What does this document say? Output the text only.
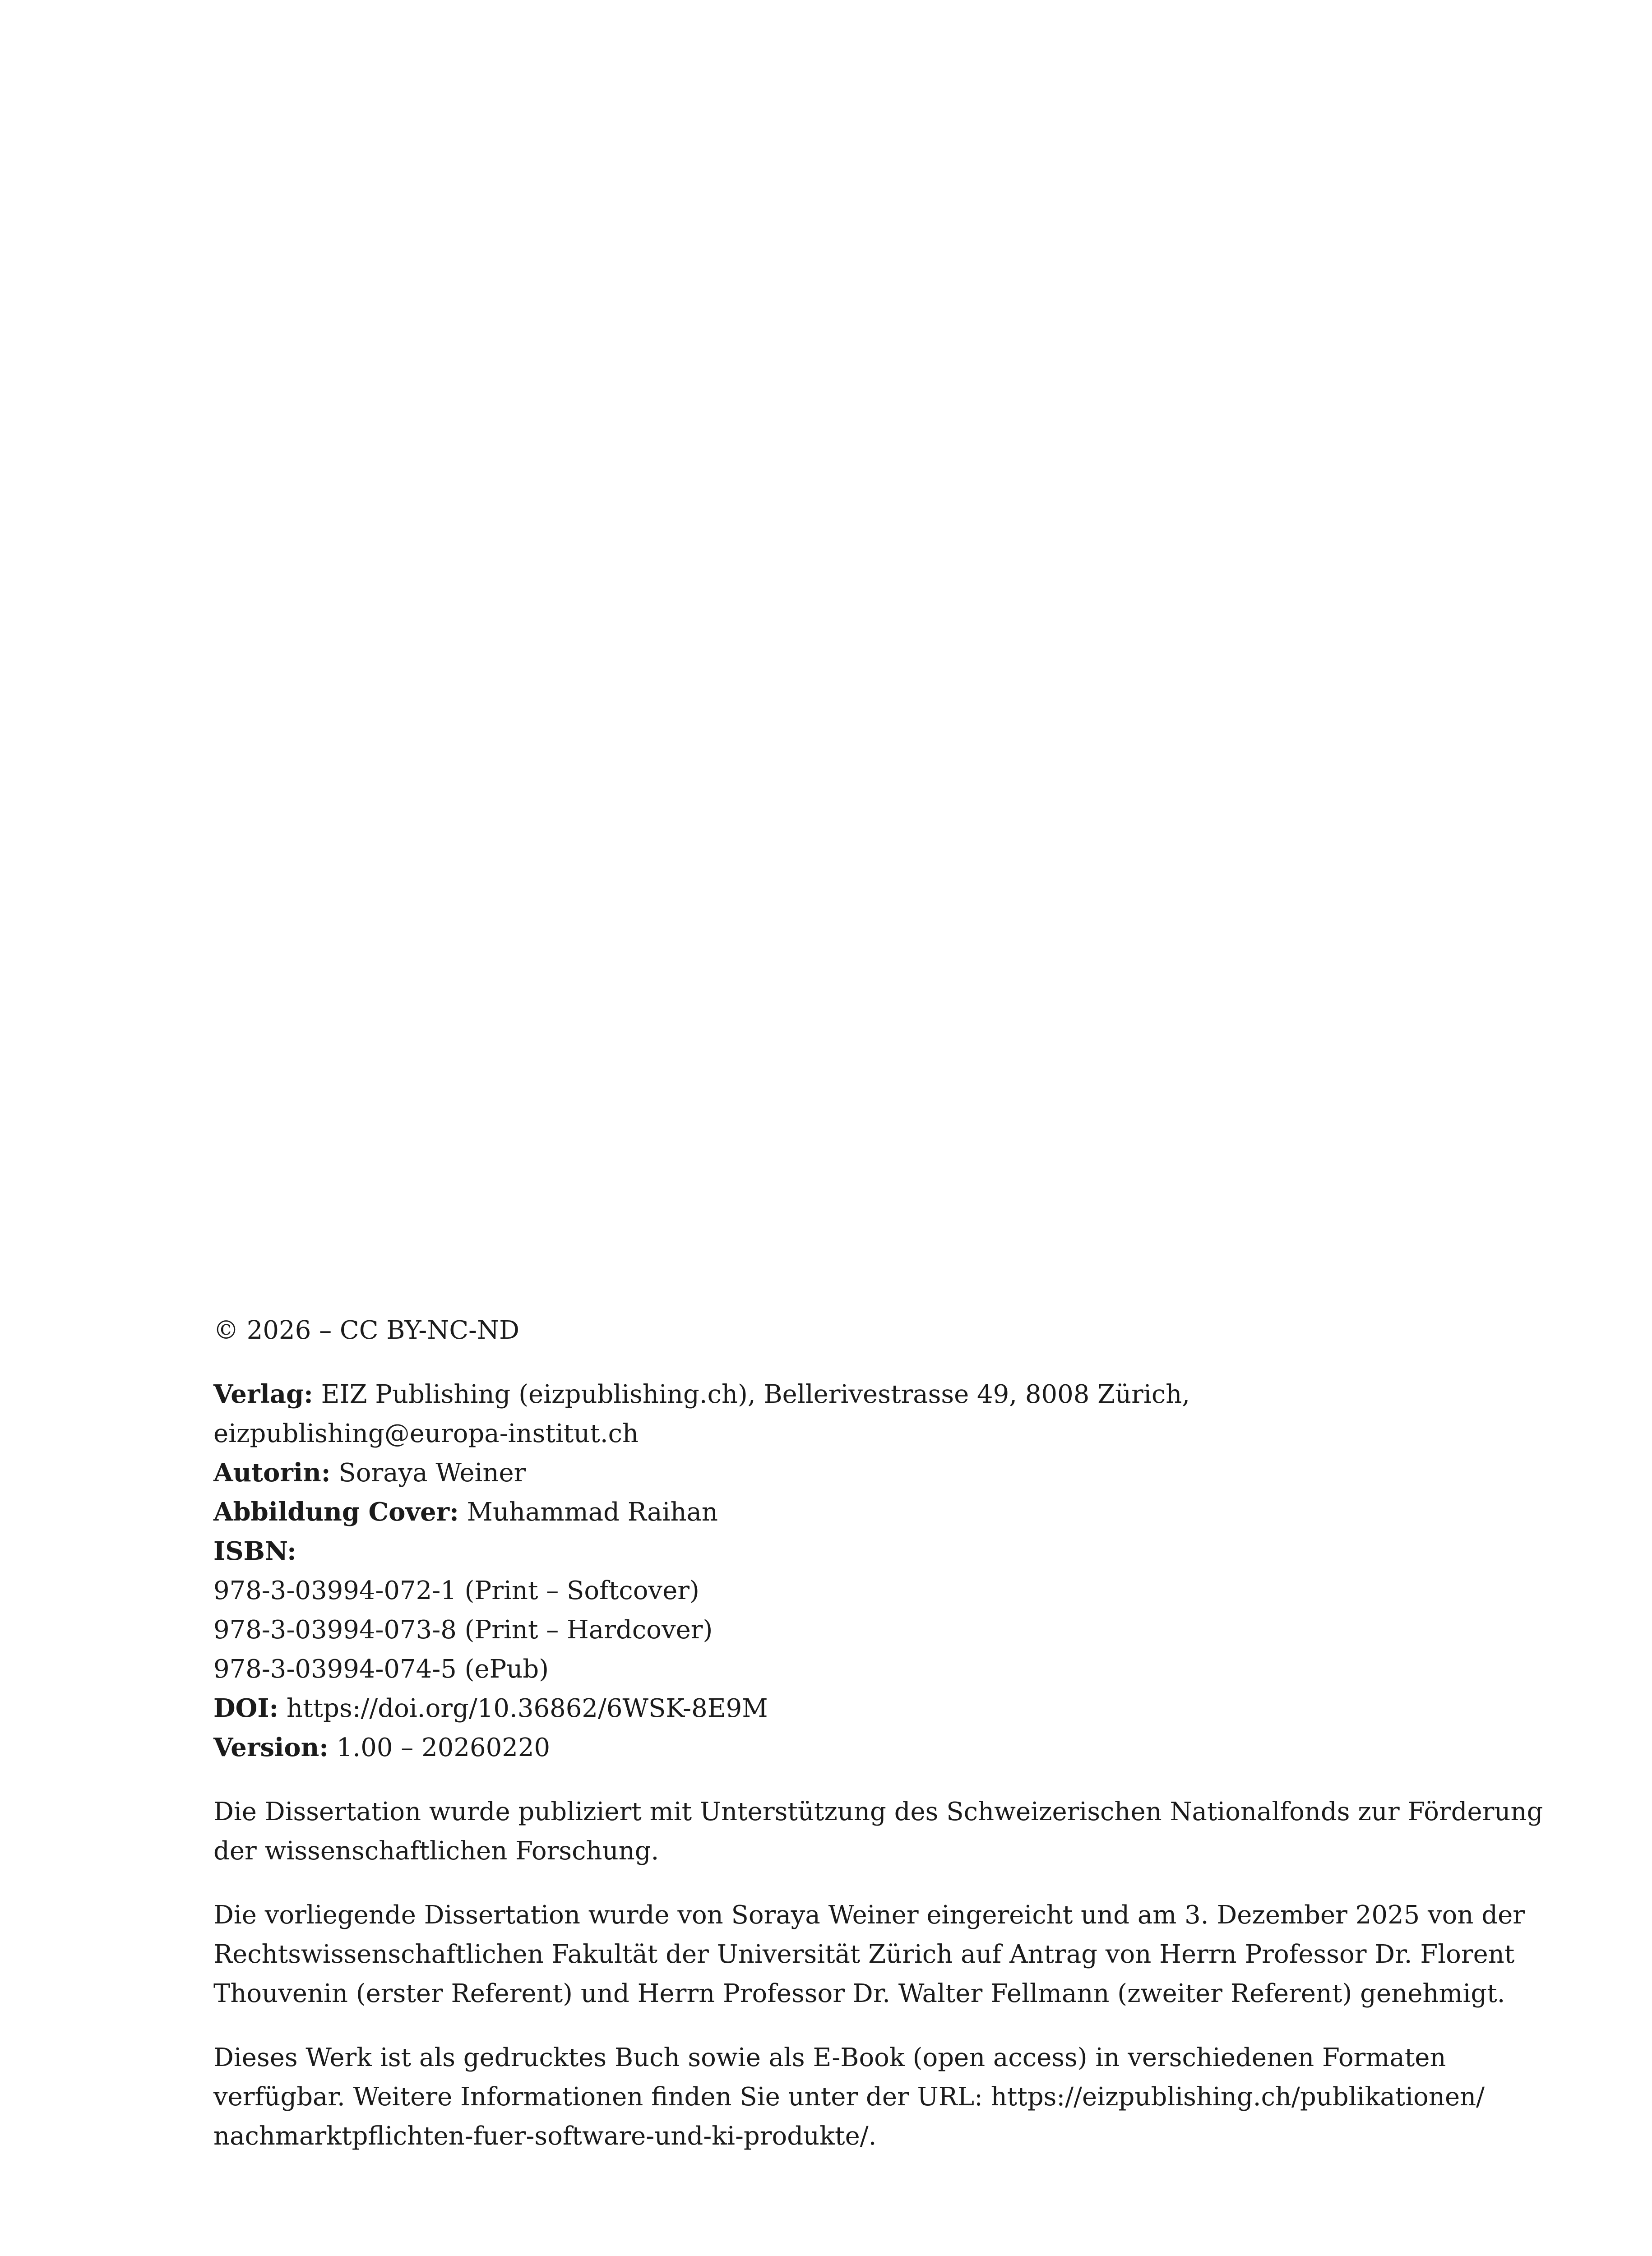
© 2026 – CC BY-NC-ND

Verlag: EIZ Publishing (eizpublishing.ch), Bellerivestrasse 49, 8008 Zürich,

eizpublishing@europa-institut.ch

Autorin: Soraya Weiner

Abbildung Cover: Muhammad Raihan

ISBN:

978-3-03994-072-1 (Print – Softcover)

978-3-03994-073-8 (Print – Hardcover)

978-3-03994-074-5 (ePub)

DOI: https://doi.org/10.36862/6WSK-8E9M

Version: 1.00 – 20260220

Die Dissertation wurde publiziert mit Unterstützung des Schweizerischen Nationalfonds zur Förderung

der wissenschaftlichen Forschung.

Die vorliegende Dissertation wurde von Soraya Weiner eingereicht und am 3. Dezember 2025 von der

Rechtswissenschaftlichen Fakultät der Universität Zürich auf Antrag von Herrn Professor Dr. Florent

Thouvenin (erster Referent) und Herrn Professor Dr. Walter Fellmann (zweiter Referent) genehmigt.

Dieses Werk ist als gedrucktes Buch sowie als E-Book (open access) in verschiedenen Formaten

verfügbar. Weitere Informationen finden Sie unter der URL: https://eizpublishing.ch/publikationen/

nachmarktpflichten-fuer-software-und-ki-produkte/.
